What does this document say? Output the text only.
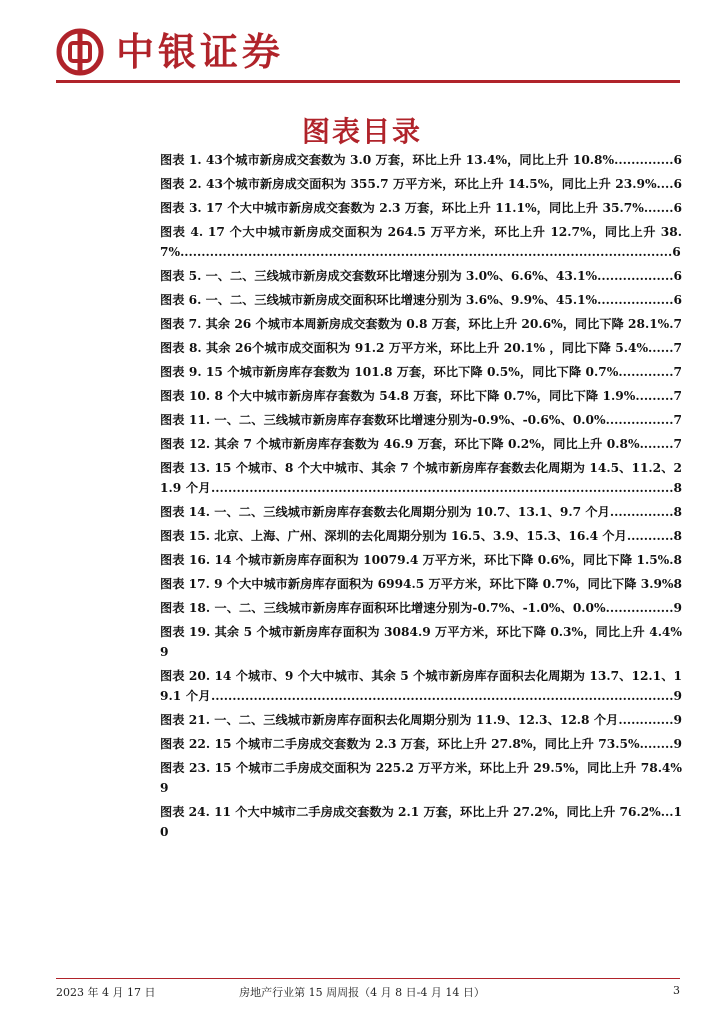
中银证券
图表目录
图表 1. 43个城市新房成交套数为 3.0 万套，环比上升 13.4%，同比上升 10.8%..............6
图表 2. 43个城市新房成交面积为 355.7 万平方米，环比上升 14.5%，同比上升 23.9%....6
图表 3. 17 个大中城市新房成交套数为 2.3 万套，环比上升 11.1%，同比上升 35.7%.......6
图表 4. 17 个大中城市新房成交面积为 264.5 万平方米，环比上升 12.7%，同比上升 38.7%....................................................................................................................6
图表 5. 一、二、三线城市新房成交套数环比增速分别为 3.0%、6.6%、43.1%..................6
图表 6. 一、二、三线城市新房成交面积环比增速分别为 3.6%、9.9%、45.1%..................6
图表 7. 其余 26 个城市本周新房成交套数为 0.8 万套，环比上升 20.6%，同比下降 28.1%.7
图表 8. 其余 26个城市成交面积为 91.2 万平方米，环比上升 20.1% ，同比下降 5.4%......7
图表 9. 15 个城市新房库存套数为 101.8 万套，环比下降 0.5%，同比下降 0.7%.............7
图表 10. 8 个大中城市新房库存套数为 54.8 万套，环比下降 0.7%，同比下降 1.9%.........7
图表 11. 一、二、三线城市新房库存套数环比增速分别为-0.9%、-0.6%、0.0%................7
图表 12. 其余 7 个城市新房库存套数为 46.9 万套，环比下降 0.2%，同比上升 0.8%........7
图表 13. 15 个城市、8 个大中城市、其余 7 个城市新房库存套数去化周期为 14.5、11.2、21.9 个月.............................................................................................................8
图表 14. 一、二、三线城市新房库存套数去化周期分别为 10.7、13.1、9.7 个月...............8
图表 15. 北京、上海、广州、深圳的去化周期分别为 16.5、3.9、15.3、16.4 个月...........8
图表 16. 14 个城市新房库存面积为 10079.4 万平方米，环比下降 0.6%，同比下降 1.5%.8
图表 17. 9 个大中城市新房库存面积为 6994.5 万平方米，环比下降 0.7%，同比下降 3.9%8
图表 18. 一、二、三线城市新房库存面积环比增速分别为-0.7%、-1.0%、0.0%................9
图表 19. 其余 5 个城市新房库存面积为 3084.9 万平方米，环比下降 0.3%，同比上升 4.4%9
图表 20. 14 个城市、9 个大中城市、其余 5 个城市新房库存面积去化周期为 13.7、12.1、19.1 个月.............................................................................................................9
图表 21. 一、二、三线城市新房库存面积去化周期分别为 11.9、12.3、12.8 个月.............9
图表 22. 15 个城市二手房成交套数为 2.3 万套，环比上升 27.8%，同比上升 73.5%........9
图表 23. 15 个城市二手房成交面积为 225.2 万平方米，环比上升 29.5%，同比上升 78.4%9
图表 24. 11 个大中城市二手房成交套数为 2.1 万套，环比上升 27.2%，同比上升 76.2%...10
2023 年 4 月 17 日	房地产行业第 15 周周报（4 月 8 日-4 月 14 日）	3
